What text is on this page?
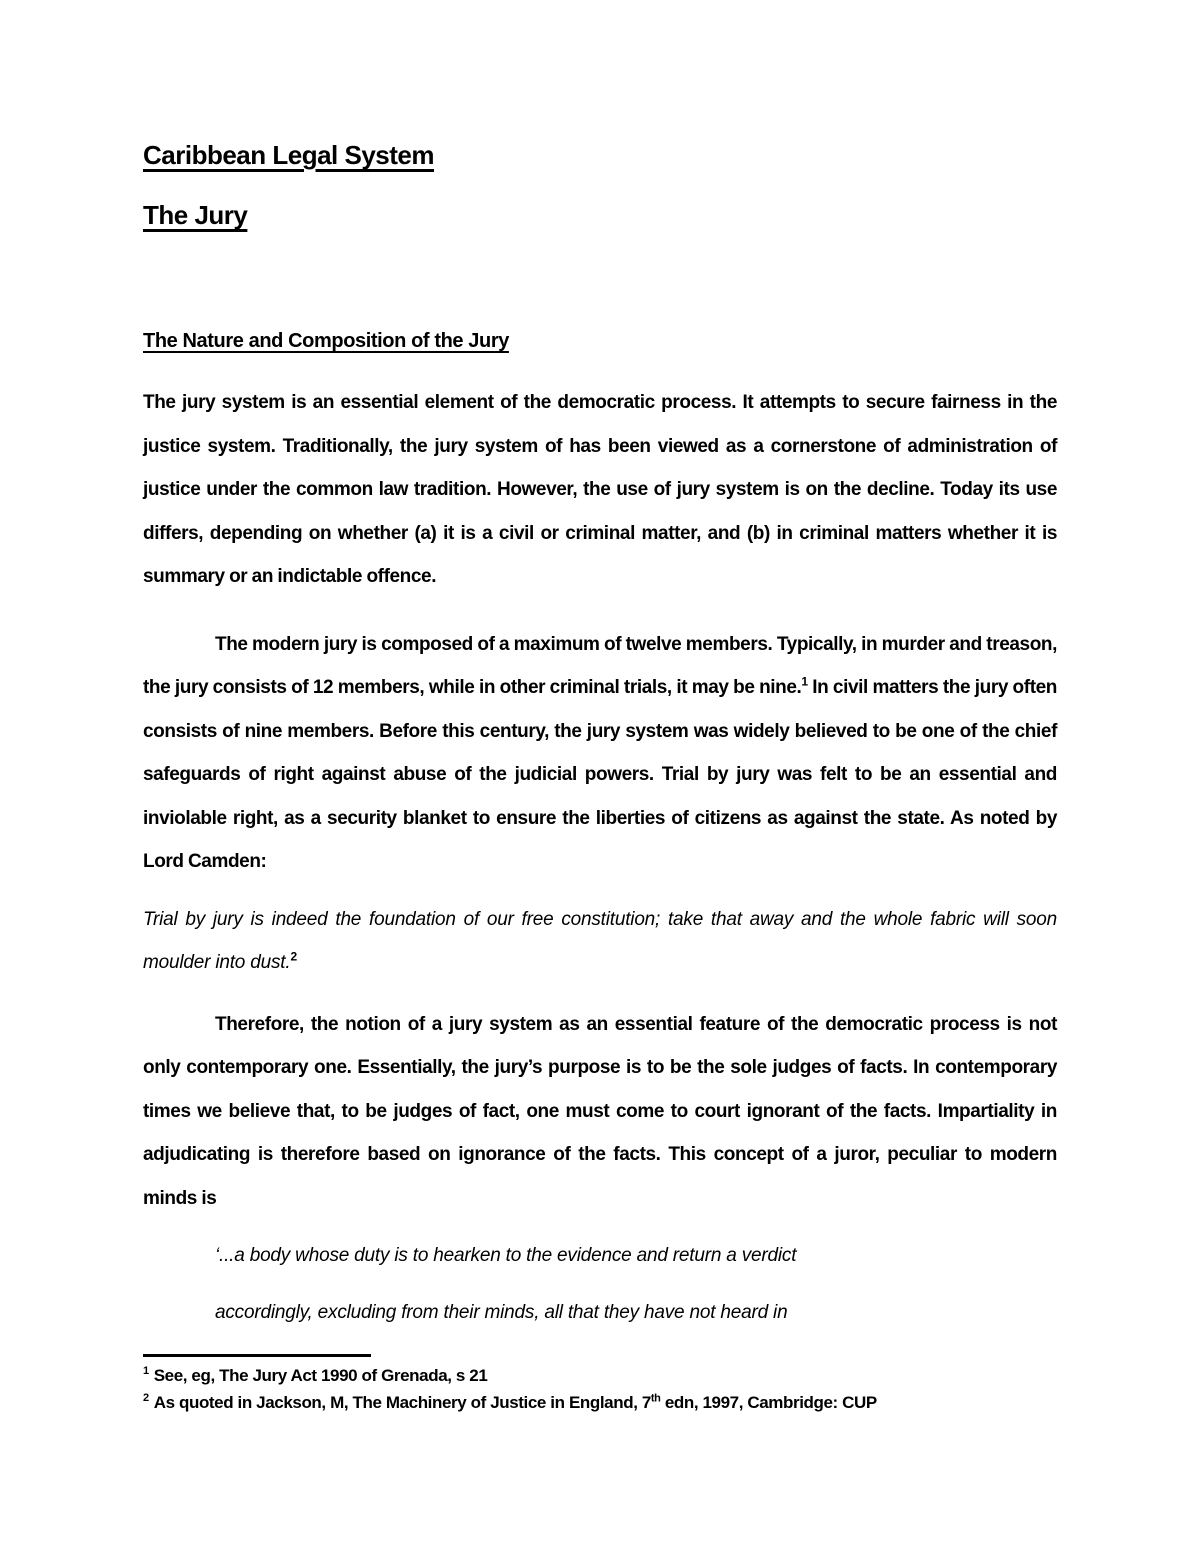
Caribbean Legal System
The Jury
The Nature and Composition of the Jury

The jury system is an essential element of the democratic process. It attempts to secure fairness in the justice system. Traditionally, the jury system of has been viewed as a cornerstone of administration of justice under the common law tradition. However, the use of jury system is on the decline. Today its use differs, depending on whether (a) it is a civil or criminal matter, and (b) in criminal matters whether it is summary or an indictable offence.

The modern jury is composed of a maximum of twelve members. Typically, in murder and treason, the jury consists of 12 members, while in other criminal trials, it may be nine.$^1$ In civil matters the jury often consists of nine members. Before this century, the jury system was widely believed to be one of the chief safeguards of right against abuse of the judicial powers. Trial by jury was felt to be an essential and inviolable right, as a security blanket to ensure the liberties of citizens as against the state. As noted by Lord Camden:

Trial by jury is indeed the foundation of our free constitution; take that away and the whole fabric will soon moulder into dust.$^2$

Therefore, the notion of a jury system as an essential feature of the democratic process is not only contemporary one. Essentially, the jury’s purpose is to be the sole judges of facts. In contemporary times we believe that, to be judges of fact, one must come to court ignorant of the facts. Impartiality in adjudicating is therefore based on ignorance of the facts. This concept of a juror, peculiar to modern minds is

‘...a body whose duty is to hearken to the evidence and return a verdict

accordingly, excluding from their minds, all that they have not heard in

$^1$ See, eg, The Jury Act 1990 of Grenada, s 21
$^2$ As quoted in Jackson, M, The Machinery of Justice in England, 7th edn, 1997, Cambridge: CUP
